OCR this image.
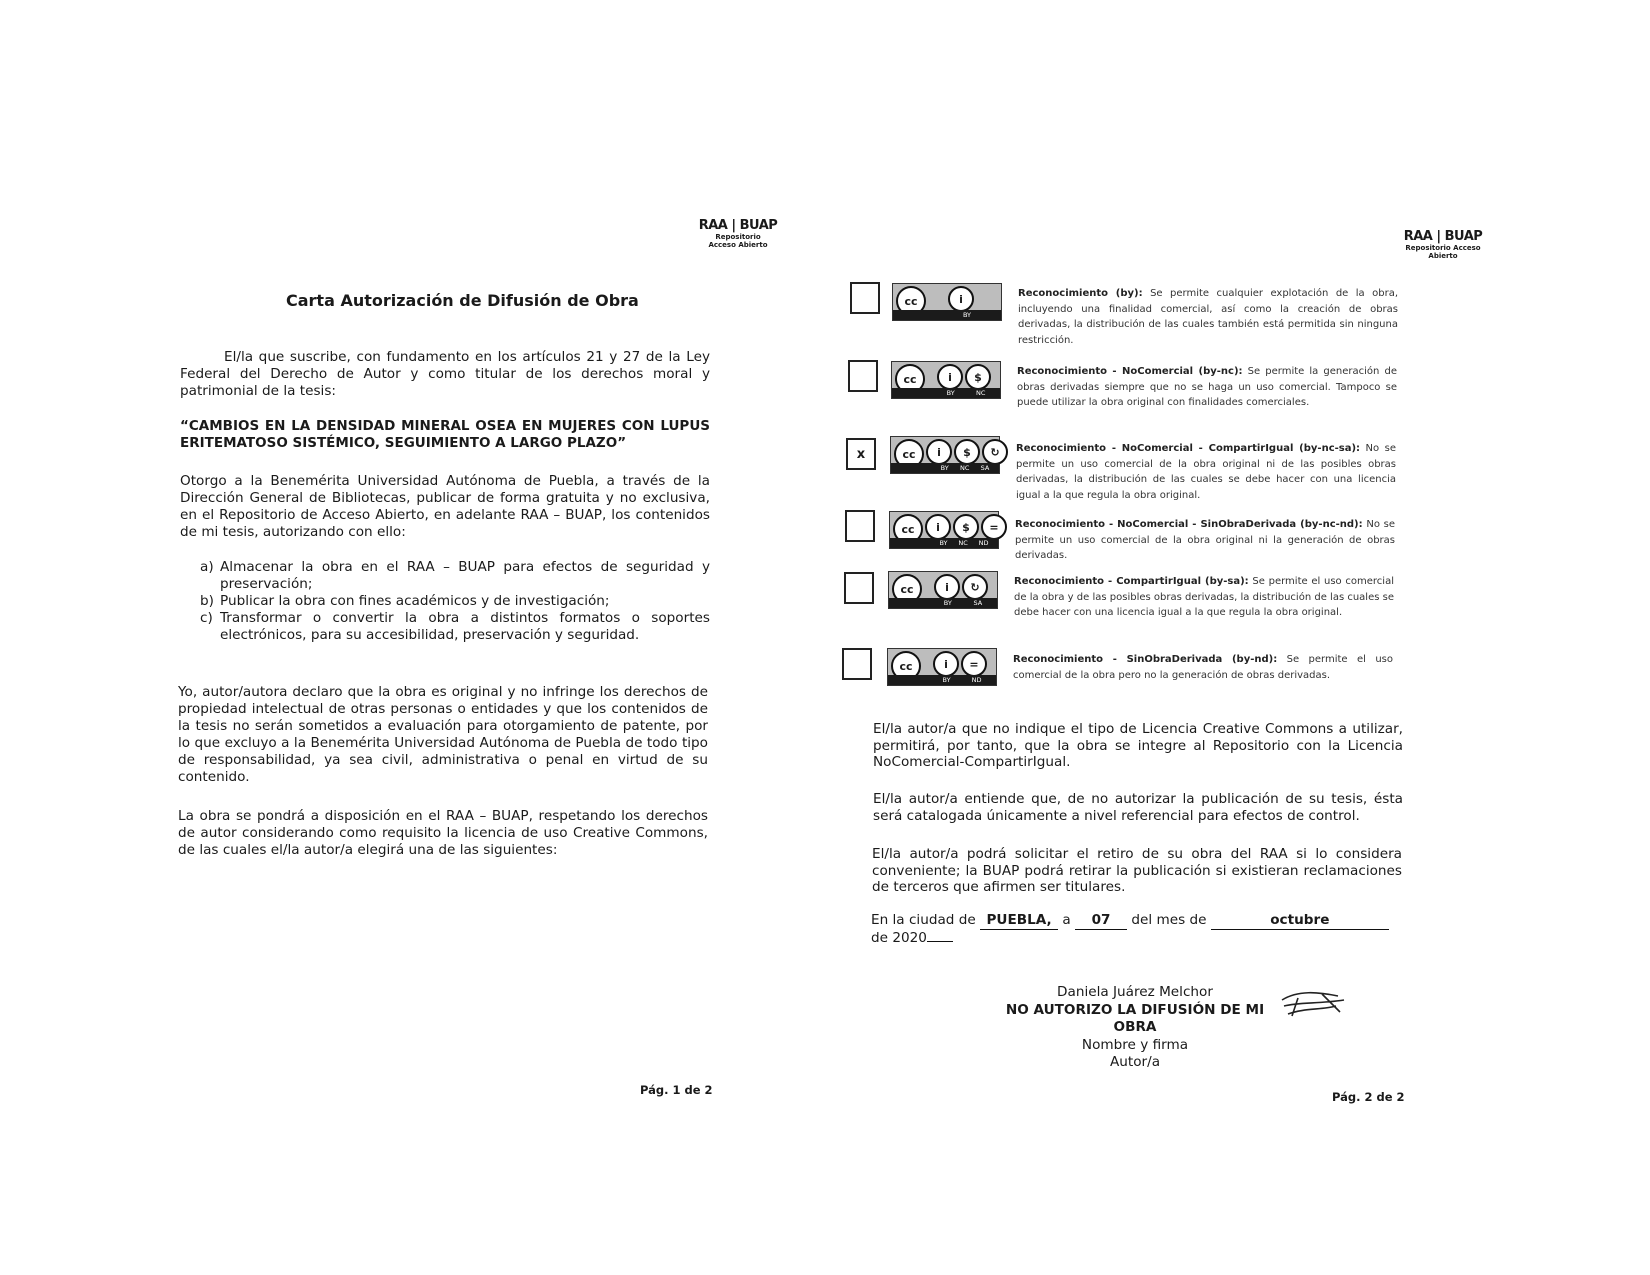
RAA | BUAP
Repositorio Acceso Abierto
Carta Autorización de Difusión de Obra
El/la que suscribe, con fundamento en los artículos 21 y 27 de la Ley Federal del Derecho de Autor y como titular de los derechos moral y patrimonial de la tesis:
“CAMBIOS EN LA DENSIDAD MINERAL OSEA EN MUJERES CON LUPUS ERITEMATOSO SISTÉMICO, SEGUIMIENTO A LARGO PLAZO”
Otorgo a la Benemérita Universidad Autónoma de Puebla, a través de la Dirección General de Bibliotecas, publicar de forma gratuita y no exclusiva, en el Repositorio de Acceso Abierto, en adelante RAA – BUAP, los contenidos de mi tesis, autorizando con ello:
a) Almacenar la obra en el RAA – BUAP para efectos de seguridad y preservación;
b) Publicar la obra con fines académicos y de investigación;
c) Transformar o convertir la obra a distintos formatos o soportes electrónicos, para su accesibilidad, preservación y seguridad.
Yo, autor/autora declaro que la obra es original y no infringe los derechos de propiedad intelectual de otras personas o entidades y que los contenidos de la tesis no serán sometidos a evaluación para otorgamiento de patente, por lo que excluyo a la Benemérita Universidad Autónoma de Puebla de todo tipo de responsabilidad, ya sea civil, administrativa o penal en virtud de su contenido.
La obra se pondrá a disposición en el RAA – BUAP, respetando los derechos de autor considerando como requisito la licencia de uso Creative Commons, de las cuales el/la autor/a elegirá una de las siguientes:
Pág. 1 de 2
RAA | BUAP
Repositorio Acceso
Abierto
cc	i
BY
Reconocimiento (by): Se permite cualquier explotación de la obra, incluyendo una finalidad comercial, así como la creación de obras derivadas, la distribución de las cuales también está permitida sin ninguna restricción.
cc	i	$
BY	NC
Reconocimiento - NoComercial (by-nc): Se permite la generación de obras derivadas siempre que no se haga un uso comercial. Tampoco se puede utilizar la obra original con finalidades comerciales.
x	cc	i	$	↻
BY NC SA
Reconocimiento - NoComercial - CompartirIgual (by-nc-sa): No se permite un uso comercial de la obra original ni de las posibles obras derivadas, la distribución de las cuales se debe hacer con una licencia igual a la que regula la obra original.
cc	i	$	=
BY NC ND
Reconocimiento - NoComercial - SinObraDerivada (by-nc-nd): No se permite un uso comercial de la obra original ni la generación de obras derivadas.
cc	i	↻
BY	SA
Reconocimiento - CompartirIgual (by-sa): Se permite el uso comercial de la obra y de las posibles obras derivadas, la distribución de las cuales se debe hacer con una licencia igual a la que regula la obra original.
cc	i	=
BY	ND
Reconocimiento - SinObraDerivada (by-nd): Se permite el uso comercial de la obra pero no la generación de obras derivadas.
El/la autor/a que no indique el tipo de Licencia Creative Commons a utilizar, permitirá, por tanto, que la obra se integre al Repositorio con la Licencia NoComercial-CompartirIgual.
El/la autor/a entiende que, de no autorizar la publicación de su tesis, ésta será catalogada únicamente a nivel referencial para efectos de control.
El/la autor/a podrá solicitar el retiro de su obra del RAA si lo considera conveniente; la BUAP podrá retirar la publicación si existieran reclamaciones de terceros que afirmen ser titulares.
En la ciudad de PUEBLA, a 07 del mes de	octubre
de 2020
Daniela Juárez Melchor
NO AUTORIZO LA DIFUSIÓN DE MI OBRA
Nombre y firma
Autor/a
Pág. 2 de 2
